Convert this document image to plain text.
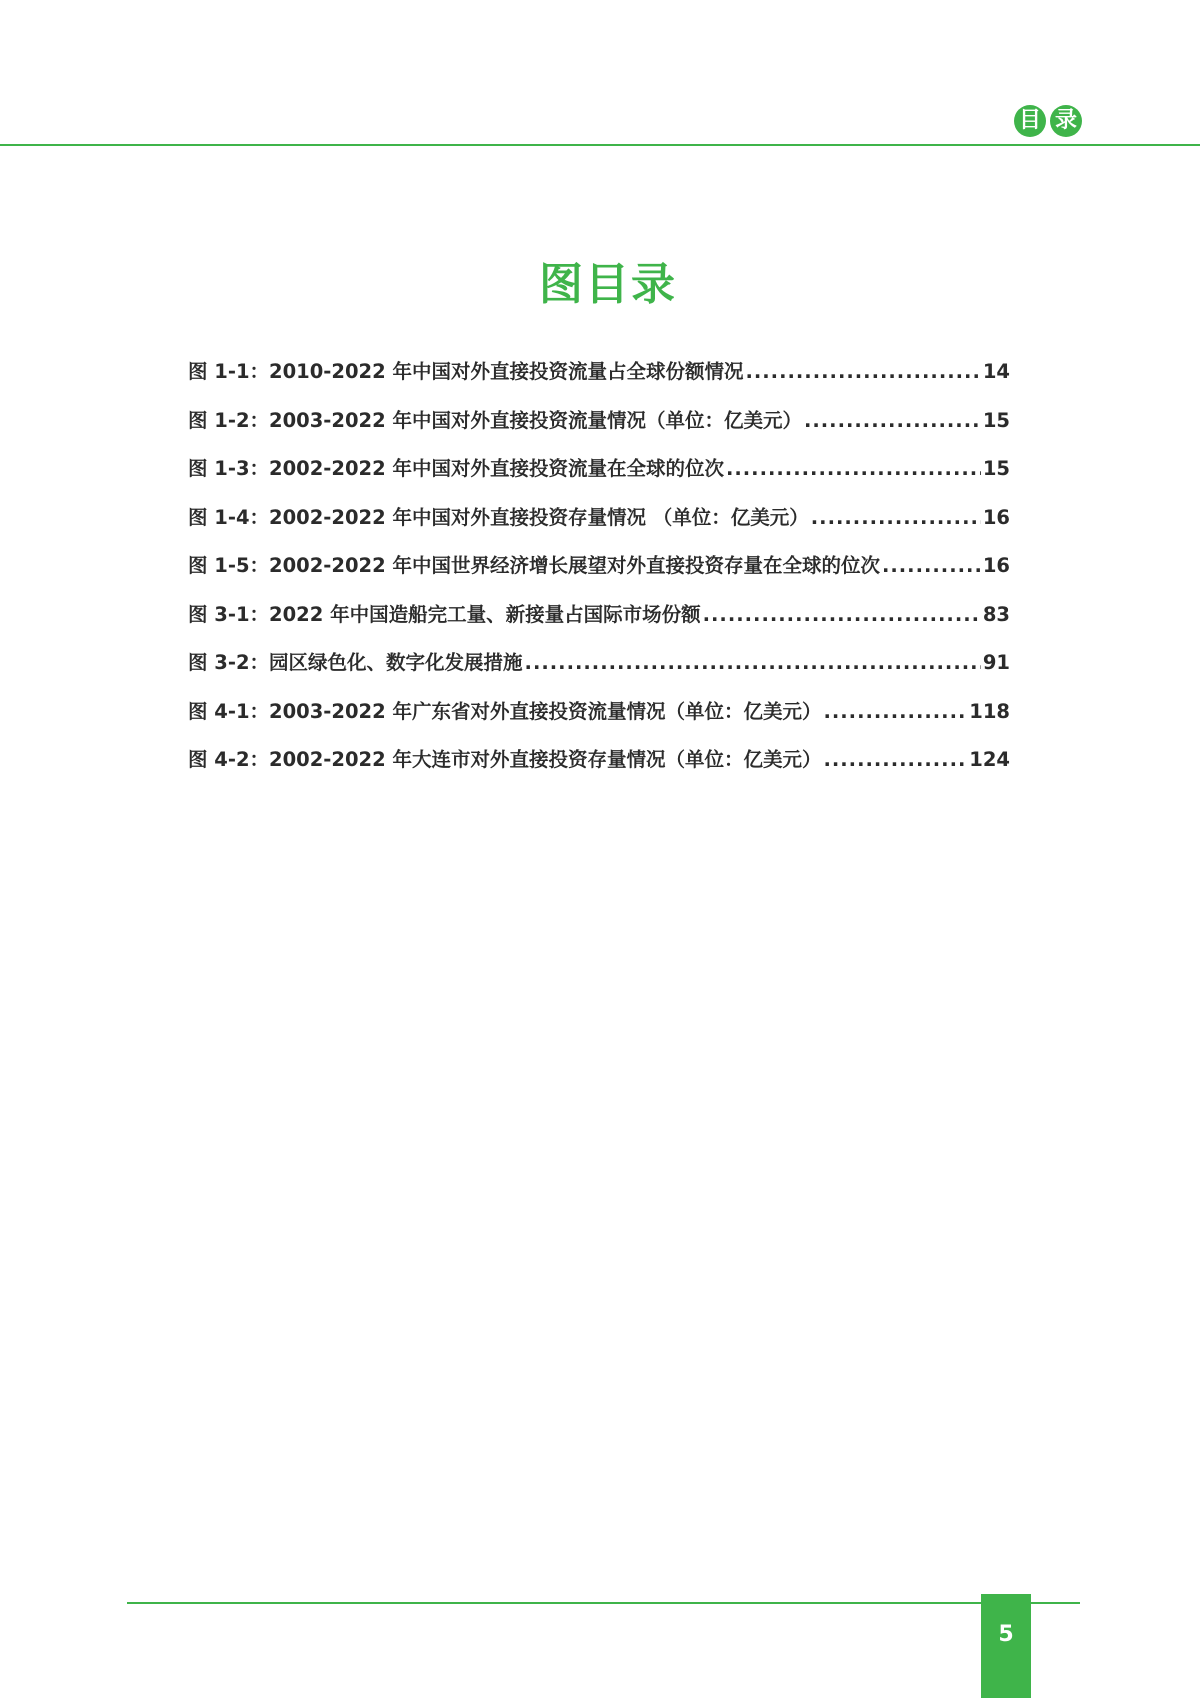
目 录
图目录
图 1-1：2010-2022 年中国对外直接投资流量占全球份额情况 .....	14
图 1-2：2003-2022 年中国对外直接投资流量情况（单位：亿美元） .....	15
图 1-3：2002-2022 年中国对外直接投资流量在全球的位次 .....	15
图 1-4：2002-2022 年中国对外直接投资存量情况 （单位：亿美元） .....	16
图 1-5：2002-2022 年中国世界经济增长展望对外直接投资存量在全球的位次 .....	16
图 3-1：2022 年中国造船完工量、新接量占国际市场份额 .....	83
图 3-2：园区绿色化、数字化发展措施 .....	91
图 4-1：2003-2022 年广东省对外直接投资流量情况（单位：亿美元） .....	118
图 4-2：2002-2022 年大连市对外直接投资存量情况（单位：亿美元） .....	124
5
